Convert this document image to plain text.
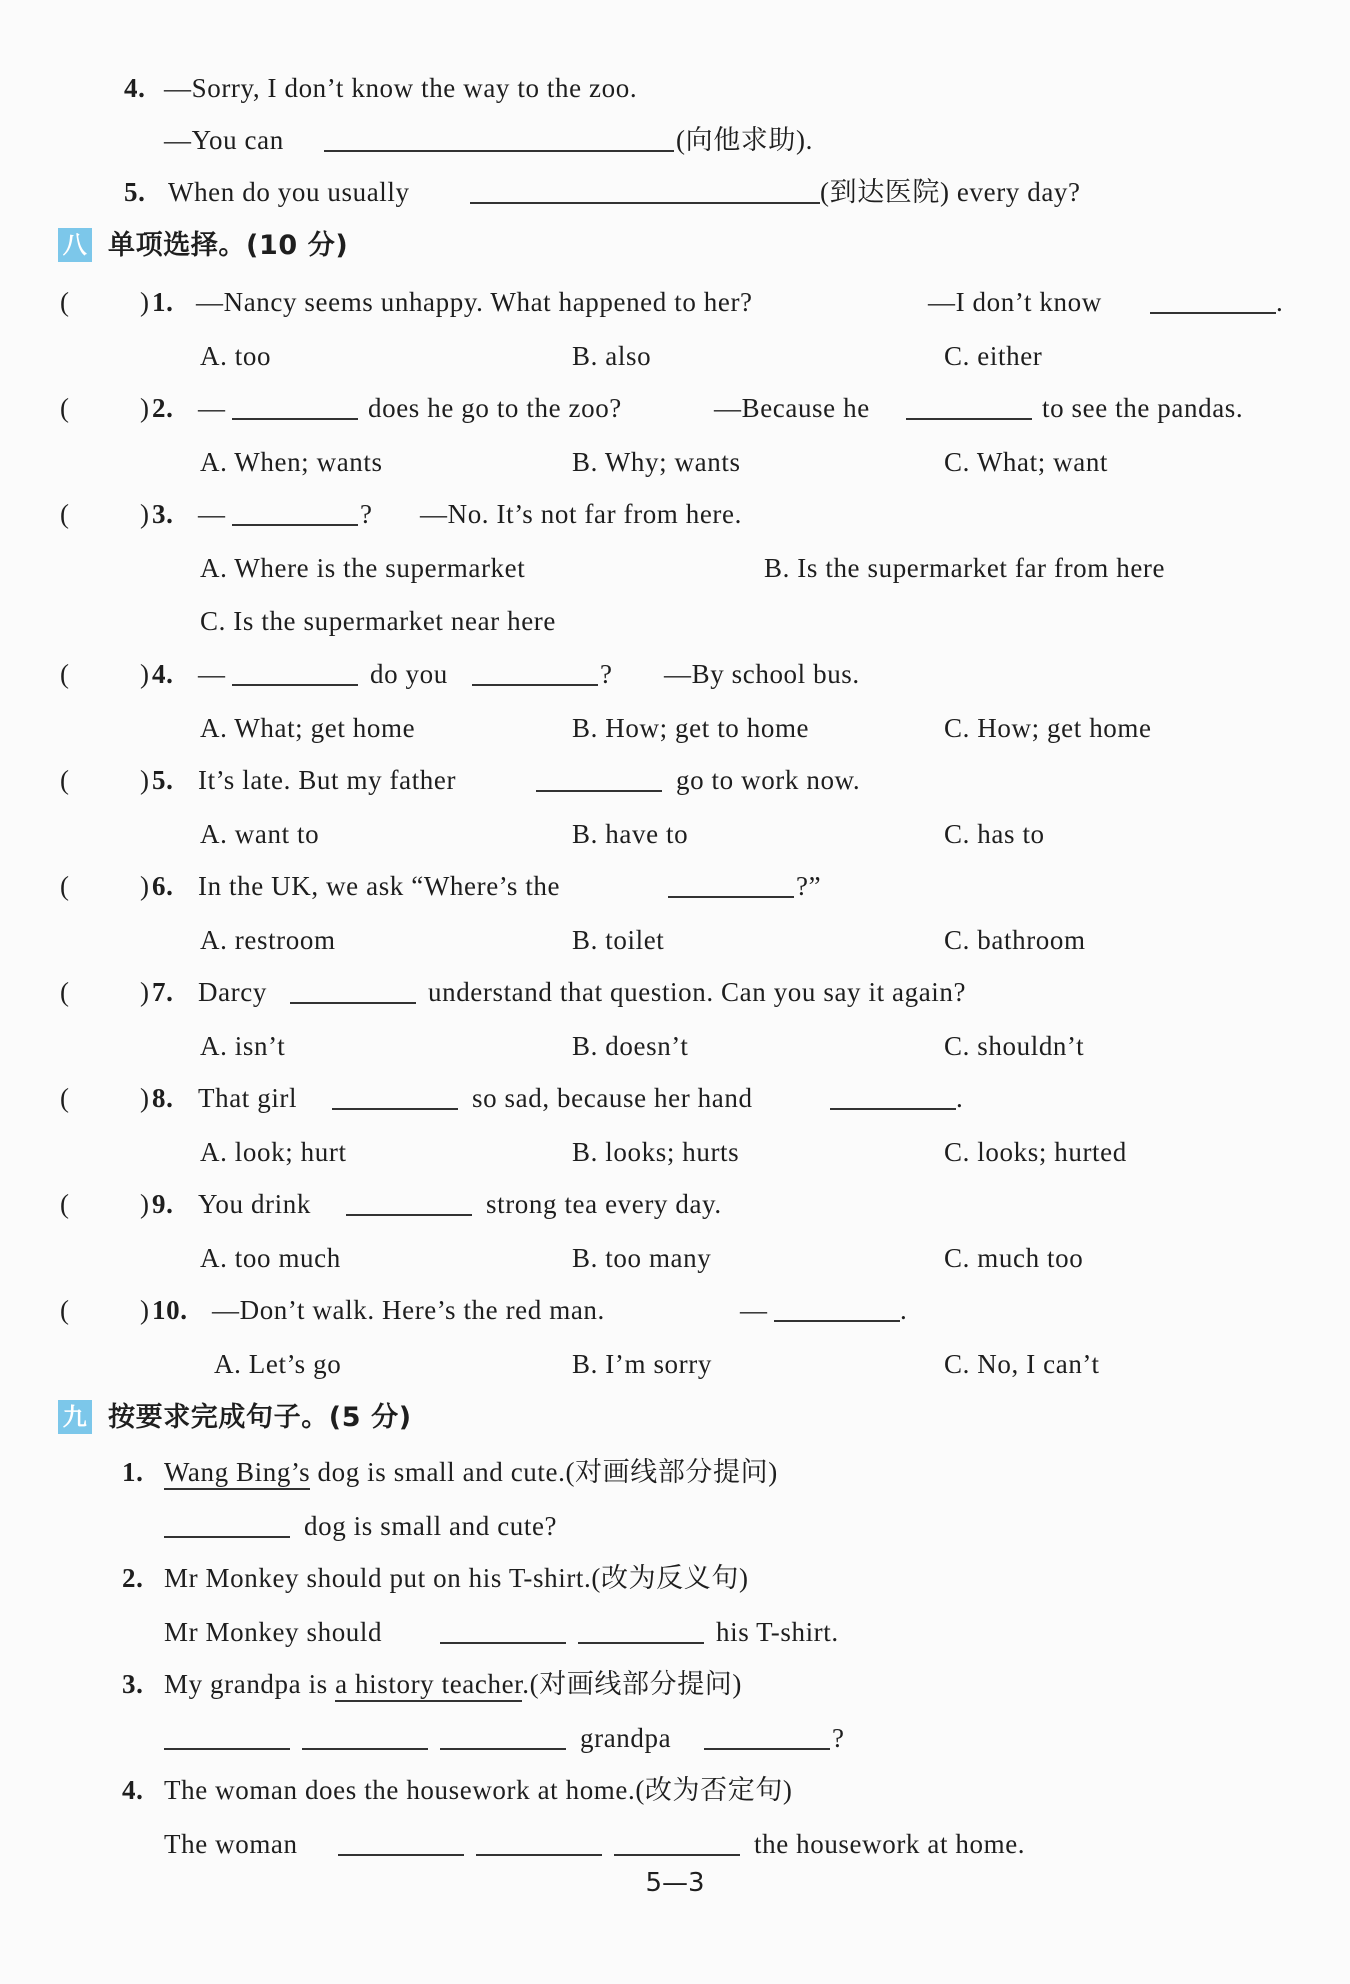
4. —Sorry, I don’t know the way to the zoo.
—You can	(向他求助).
5. When do you usually	(到达医院) every day?
八 单项选择。(10 分)
(	) 1. —Nancy seems unhappy. What happened to her?	—I don’t know	.
A. too	B. also	C. either
(	) 2. —	does he go to the zoo?	—Because he	to see the pandas.
A. When; wants	B. Why; wants	C. What; want
(	) 3. —	? —No. It’s not far from here.
A. Where is the supermarket	B. Is the supermarket far from here
C. Is the supermarket near here
(	) 4. —	do you	? —By school bus.
A. What; get home	B. How; get to home	C. How; get home
(	) 5. It’s late. But my father	go to work now.
A. want to	B. have to	C. has to
(	) 6. In the UK, we ask “Where’s the	?”
A. restroom	B. toilet	C. bathroom
(	) 7. Darcy	understand that question. Can you say it again?
A. isn’t	B. doesn’t	C. shouldn’t
(	) 8. That girl	so sad, because her hand	.
A. look; hurt	B. looks; hurts	C. looks; hurted
(	) 9. You drink	strong tea every day.
A. too much	B. too many	C. much too
(	) 10. —Don’t walk. Here’s the red man.	—	.
A. Let’s go	B. I’m sorry	C. No, I can’t
九 按要求完成句子。(5 分)
1. Wang Bing’s dog is small and cute.(对画线部分提问)
dog is small and cute?
2. Mr Monkey should put on his T-shirt.(改为反义句)
Mr Monkey should	his T-shirt.
3. My grandpa is a history teacher.(对画线部分提问)
grandpa	?
4. The woman does the housework at home.(改为否定句)
The woman	the housework at home.
5—3
